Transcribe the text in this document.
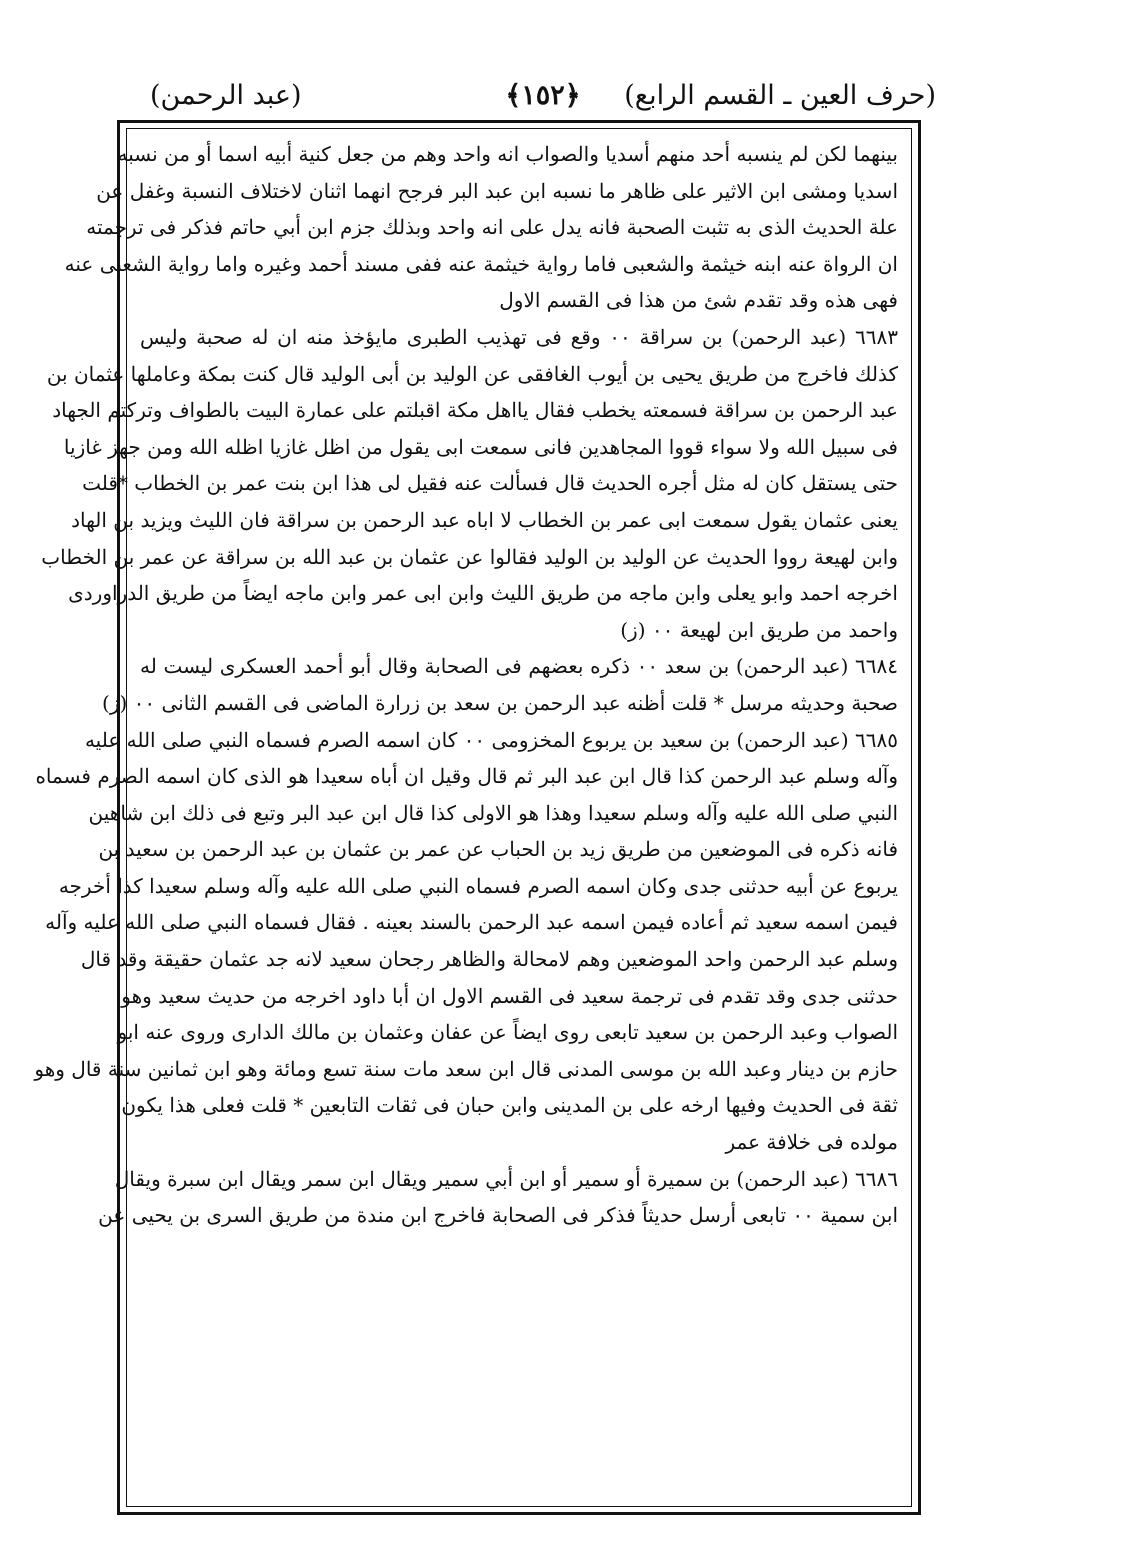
(حرف العين ـ القسم الرابع)
﴿١٥٢﴾
(عبد الرحمن)
بينهما لكن لم ينسبه أحد منهم أسديا والصواب انه واحد وهم من جعل كنية أبيه اسما أو من نسبه
اسديا ومشى ابن الاثير على ظاهر ما نسبه ابن عبد البر فرجح انهما اثنان لاختلاف النسبة وغفل عن
علة الحديث الذى به تثبت الصحبة فانه يدل على انه واحد وبذلك جزم ابن أبي حاتم فذكر فى ترجمته
ان الرواة عنه ابنه خيثمة والشعبى فاما رواية خيثمة عنه ففى مسند أحمد وغيره واما رواية الشعبى عنه
فهى هذه وقد تقدم شئ من هذا فى القسم الاول
٦٦٨٣ (عبد الرحمن) بن سراقة ٠٠ وقع فى تهذيب الطبرى مايؤخذ منه ان له صحبة وليس
كذلك فاخرج من طريق يحيى بن أيوب الغافقى عن الوليد بن أبى الوليد قال كنت بمكة وعاملها عثمان بن
عبد الرحمن بن سراقة فسمعته يخطب فقال يااهل مكة اقبلتم على عمارة البيت بالطواف وتركتم الجهاد
فى سبيل الله ولا سواء قووا المجاهدين فانى سمعت ابى يقول من اظل غازيا اظله الله ومن جهز غازيا
حتى يستقل كان له مثل أجره الحديث قال فسألت عنه فقيل لى هذا ابن بنت عمر بن الخطاب *قلت
يعنى عثمان يقول سمعت ابى عمر بن الخطاب لا اباه عبد الرحمن بن سراقة فان الليث ويزيد بن الهاد
وابن لهيعة رووا الحديث عن الوليد بن الوليد فقالوا عن عثمان بن عبد الله بن سراقة عن عمر بن الخطاب
اخرجه احمد وابو يعلى وابن ماجه من طريق الليث وابن ابى عمر وابن ماجه ايضاً من طريق الدراوردى
واحمد من طريق ابن لهيعة ٠٠ (ز)
٦٦٨٤ (عبد الرحمن) بن سعد ٠٠ ذكره بعضهم فى الصحابة وقال أبو أحمد العسكرى ليست له
صحبة وحديثه مرسل * قلت أظنه عبد الرحمن بن سعد بن زرارة الماضى فى القسم الثانى ٠٠ (ز)
٦٦٨٥ (عبد الرحمن) بن سعيد بن يربوع المخزومى ٠٠ كان اسمه الصرم فسماه النبي صلى الله عليه
وآله وسلم عبد الرحمن كذا قال ابن عبد البر ثم قال وقيل ان أباه سعيدا هو الذى كان اسمه الصرم فسماه
النبي صلى الله عليه وآله وسلم سعيدا وهذا هو الاولى كذا قال ابن عبد البر وتبع فى ذلك ابن شاهين
فانه ذكره فى الموضعين من طريق زيد بن الحباب عن عمر بن عثمان بن عبد الرحمن بن سعيد بن
يربوع عن أبيه حدثنى جدى وكان اسمه الصرم فسماه النبي صلى الله عليه وآله وسلم سعيدا كذا أخرجه
فيمن اسمه سعيد ثم أعاده فيمن اسمه عبد الرحمن بالسند بعينه . فقال فسماه النبي صلى الله عليه وآله
وسلم عبد الرحمن واحد الموضعين وهم لامحالة والظاهر رجحان سعيد لانه جد عثمان حقيقة وقد قال
حدثنى جدى وقد تقدم فى ترجمة سعيد فى القسم الاول ان أبا داود اخرجه من حديث سعيد وهو
الصواب وعبد الرحمن بن سعيد تابعى روى ايضاً عن عفان وعثمان بن مالك الدارى وروى عنه ابو
حازم بن دينار وعبد الله بن موسى المدنى قال ابن سعد مات سنة تسع ومائة وهو ابن ثمانين سنة قال وهو
ثقة فى الحديث وفيها ارخه على بن المدينى وابن حبان فى ثقات التابعين * قلت فعلى هذا يكون
مولده فى خلافة عمر
٦٦٨٦ (عبد الرحمن) بن سميرة أو سمير أو ابن أبي سمير ويقال ابن سمر ويقال ابن سبرة ويقال
ابن سمية ٠٠ تابعى أرسل حديثاً فذكر فى الصحابة فاخرج ابن مندة من طريق السرى بن يحيى عن
